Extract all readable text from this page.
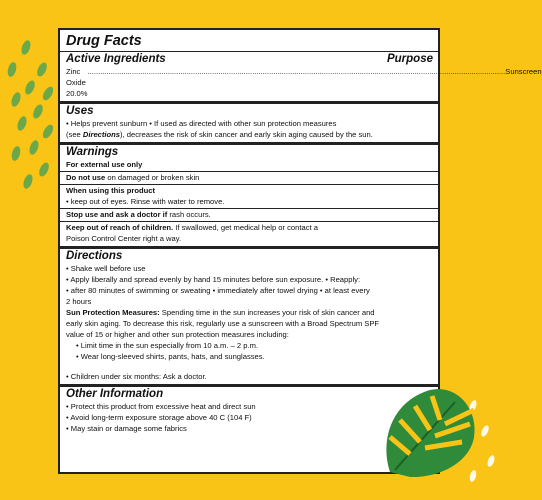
Drug Facts
Active Ingredients	Purpose
Zinc Oxide 20.0%
...................................................................................................................................................................................................... Sunscreen
Uses
• Helps prevent sunburn • If used as directed with other sun protection measures
(see Directions), decreases the risk of skin cancer and early skin aging caused by the sun.
Warnings
For external use only
Do not use on damaged or broken skin
When using this product
• keep out of eyes. Rinse with water to remove.
Stop use and ask a doctor if rash occurs.
Keep out of reach of children. If swallowed, get medical help or contact a
Poison Control Center right a way.
Directions
• Shake well before use
• Apply liberally and spread evenly by hand 15 minutes before sun exposure. • Reapply:
• after 80 minutes of swimming or sweating • immediately after towel drying • at least every
2 hours
Sun Protection Measures: Spending time in the sun increases your risk of skin cancer and
early skin aging. To decrease this risk, regularly use a sunscreen with a Broad Spectrum SPF
value of 15 or higher and other sun protection measures including:
• Limit time in the sun especially from 10 a.m. – 2 p.m.
• Wear long-sleeved shirts, pants, hats, and sunglasses.
• Children under six months: Ask a doctor.
Other Information
• Protect this product from excessive heat and direct sun
• Avoid long-term exposure storage above 40 C (104 F)
• May stain or damage some fabrics
